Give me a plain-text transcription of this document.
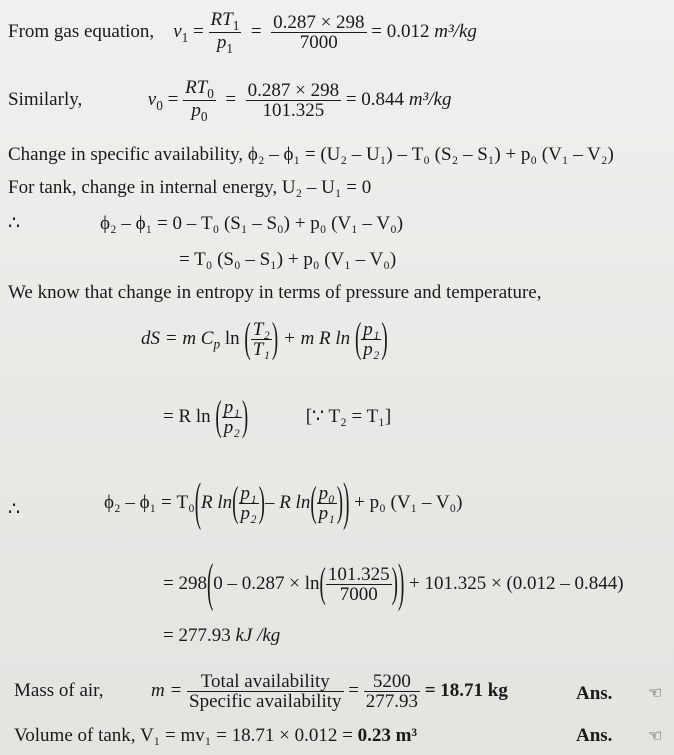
From gas equation, $v_1 = \frac{RT_1}{p_1} = \frac{0.287 \times 298}{7000} = 0.012$ m³/kg
Similarly,	$v_0 = \frac{RT_0}{p_0} = \frac{0.287 \times 298}{101.325} = 0.844$ m³/kg
Change in specific availability, ϕ₂ – ϕ₁ = (U₂ – U₁) – T₀ (S₂ – S₁) + p₀ (V₁ – V₂)
For tank, change in internal energy, U₂ – U₁ = 0
∴	ϕ₂ – ϕ₁ = 0 – T₀ (S₁ – S₀) + p₀ (V₁ – V₀)
= T₀ (S₀ – S₁) + p₀ (V₁ – V₀)
We know that change in entropy in terms of pressure and temperature,
dS = m $C_p$ ln ( $\frac{\text{T₂}}{\text{T₁}}$ ) + m R ln ( $\frac{\text{p₁}}{\text{p₂}}$ )
= R ln ( $\frac{\text{p₁}}{\text{p₂}}$ )	[∵ T₂ = T₁]
∴	ϕ₂ – ϕ₁ = T₀(R $\ln( \frac{\text{p₁}}{\text{p₂}}$ )– R $\ln( \frac{\text{p₀}}{\text{p₁}}$ )) + p₀ (V₁ – V₀)
= $298(0 - 0.287 \times \ln( \frac{101.325}{7000}$ )) + 101.325 × (0.012 – 0.844)
= 277.93 kJ /kg
Mass of air,	$m = \frac{\text{Total availability}}{\text{Specific availability}} = \frac{5200}{277.93} = 18.71$ kg	Ans. ☜
Volume of tank, V₁ = mv₁ = 18.71 × 0.012 = 0.23 m³	Ans. ☜
